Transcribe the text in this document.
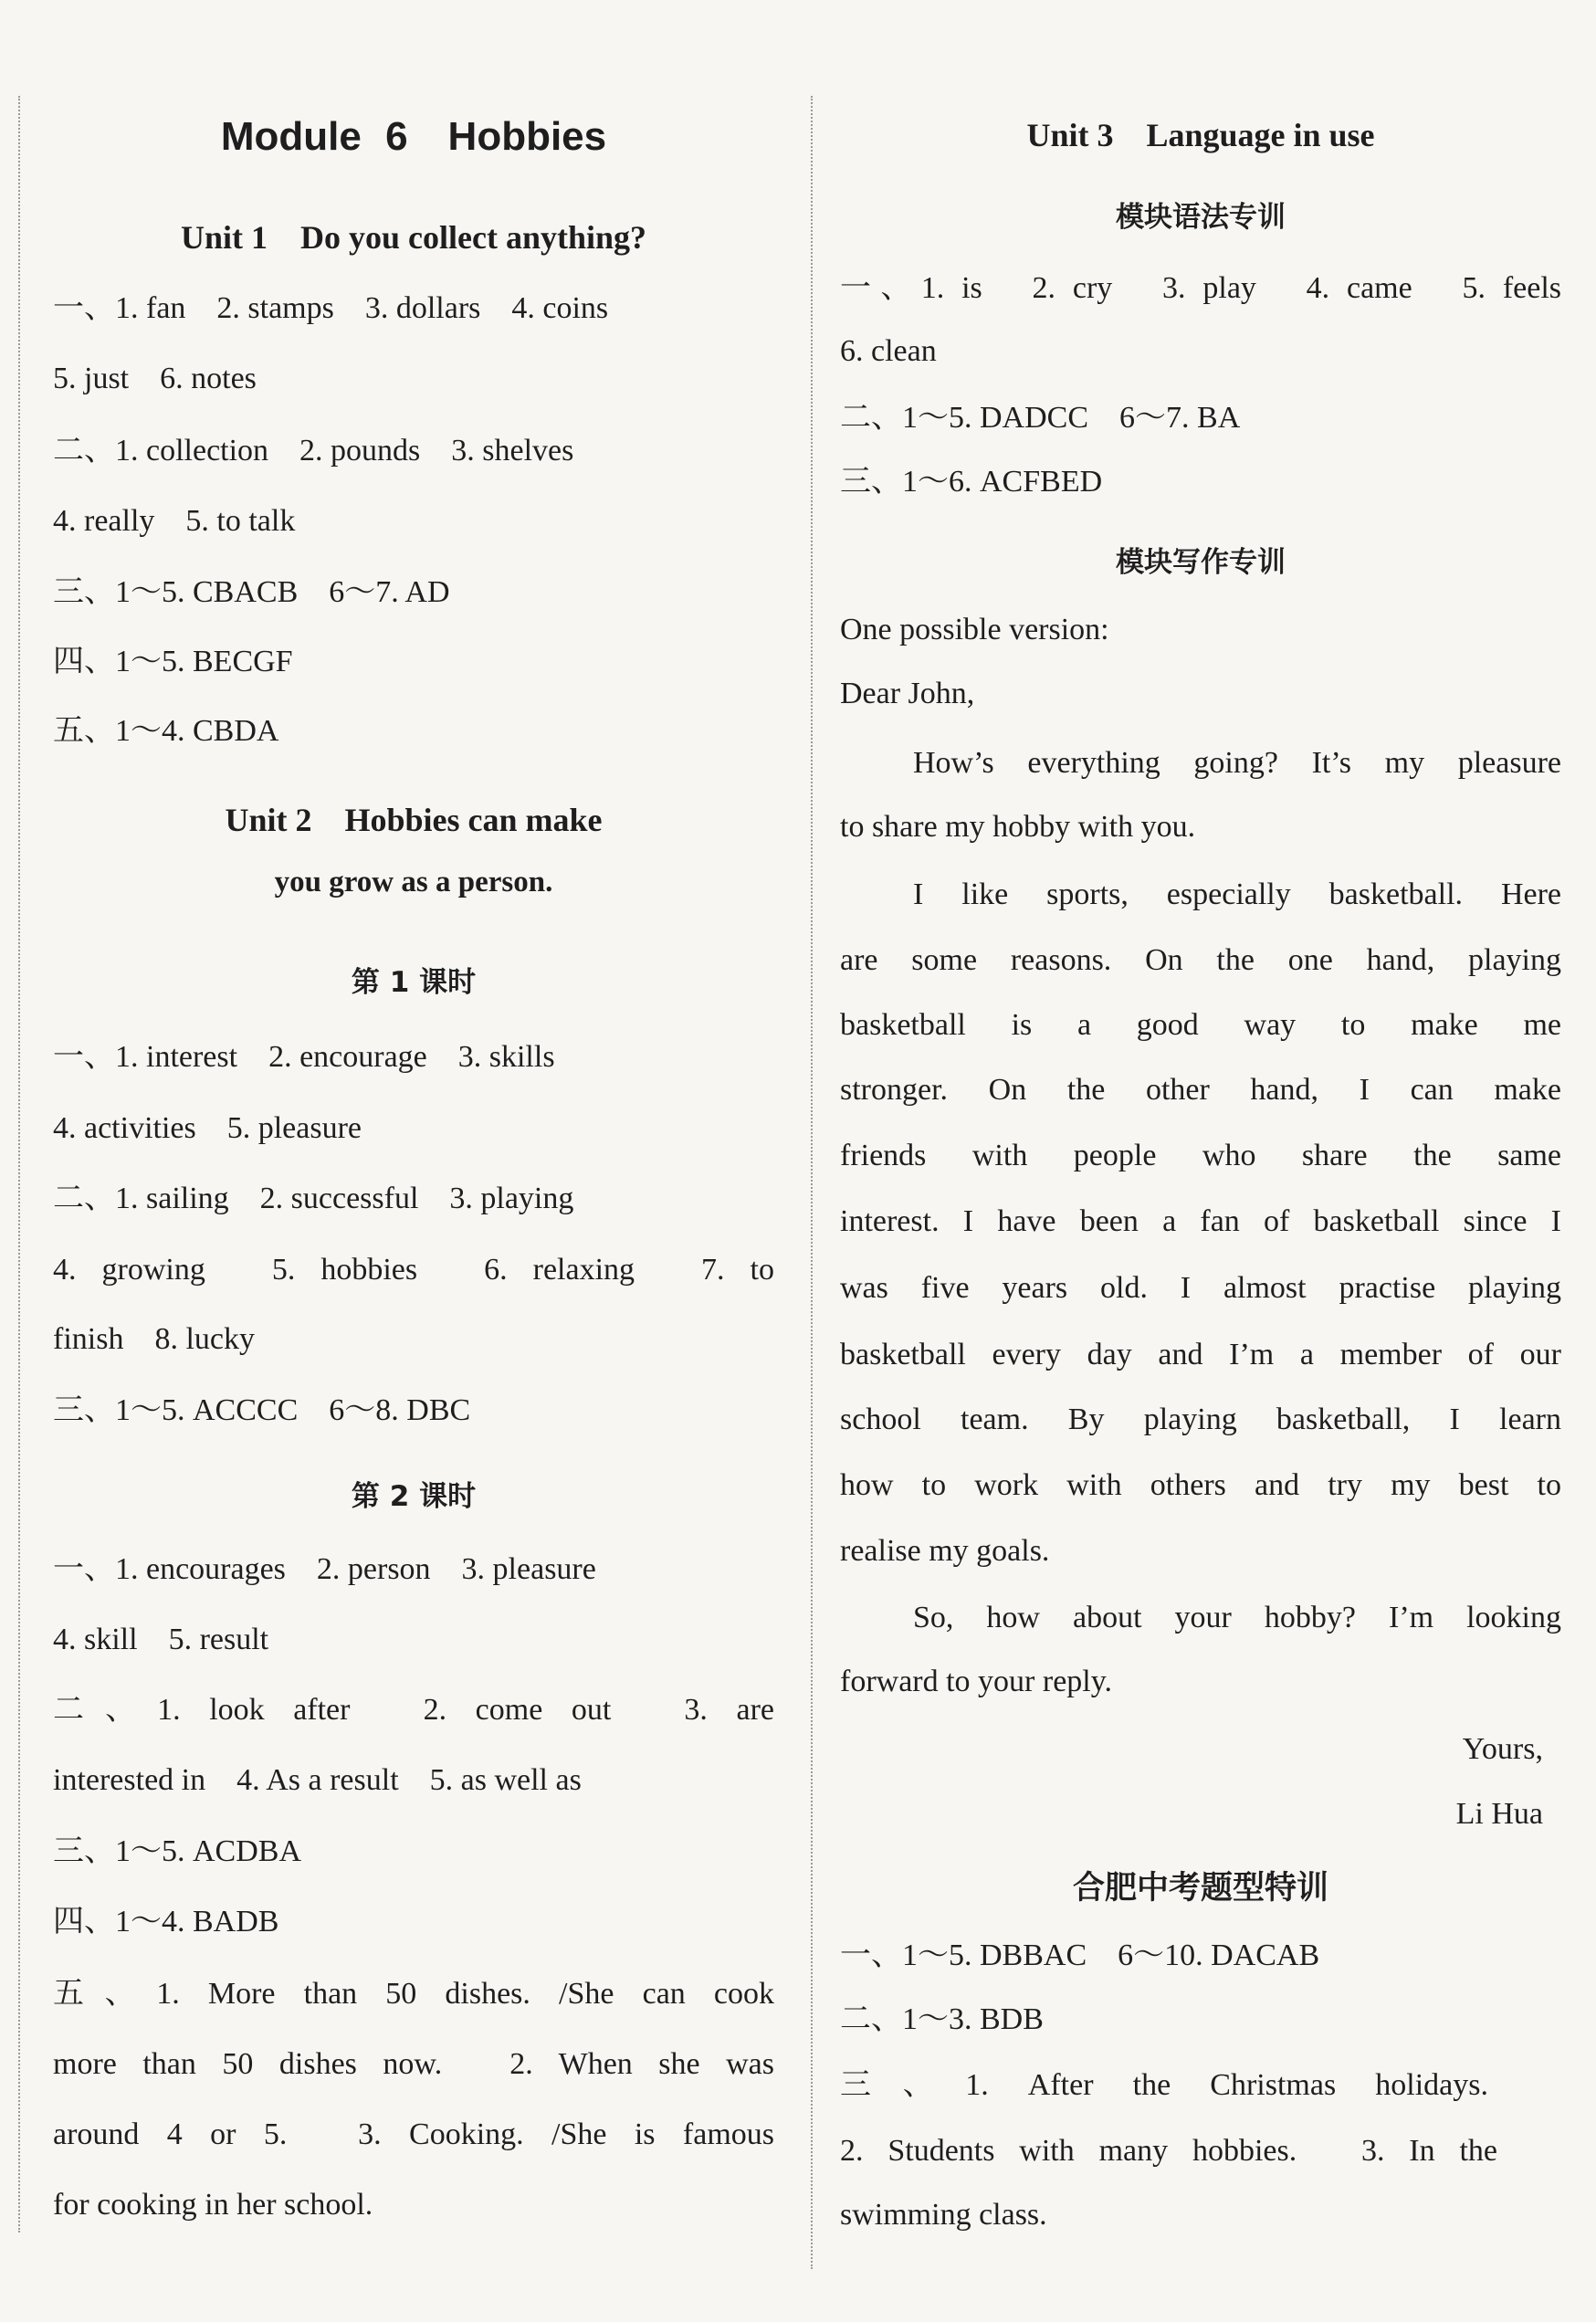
Module 6　Hobbies
Unit 1　Do you collect anything?
一、1. fan　2. stamps　3. dollars　4. coins
5. just　6. notes
二、1. collection　2. pounds　3. shelves
4. really　5. to talk
三、1～5. CBACB　6～7. AD
四、1～5. BECGF
五、1～4. CBDA
Unit 2　Hobbies can make
you grow as a person.
第 1 课时
一、1. interest　2. encourage　3. skills
4. activities　5. pleasure
二、1. sailing　2. successful　3. playing
4. growing　5. hobbies　6. relaxing　7. to
finish　8. lucky
三、1～5. ACCCC　6～8. DBC
第 2 课时
一、1. encourages　2. person　3. pleasure
4. skill　5. result
二、1. look after　2. come out　3. are
interested in　4. As a result　5. as well as
三、1～5. ACDBA
四、1～4. BADB
五、1. More than 50 dishes. /She can cook
more than 50 dishes now.　2. When she was
around 4 or 5.　3. Cooking. /She is famous
for cooking in her school.
Unit 3　Language in use
模块语法专训
一、1. is　2. cry　3. play　4. came　5. feels
6. clean
二、1～5. DADCC　6～7. BA
三、1～6. ACFBED
模块写作专训
One possible version:
Dear John,
How’s everything going? It’s my pleasure
to share my hobby with you.
I like sports, especially basketball. Here
are some reasons. On the one hand, playing
basketball is a good way to make me
stronger. On the other hand, I can make
friends with people who share the same
interest. I have been a fan of basketball since I
was five years old. I almost practise playing
basketball every day and I’m a member of our
school team. By playing basketball, I learn
how to work with others and try my best to
realise my goals.
So, how about your hobby? I’m looking
forward to your reply.
Yours,
Li Hua
合肥中考题型特训
一、1～5. DBBAC　6～10. DACAB
二、1～3. BDB
三、1. After the Christmas holidays.
2. Students with many hobbies.　3. In the
swimming class.
